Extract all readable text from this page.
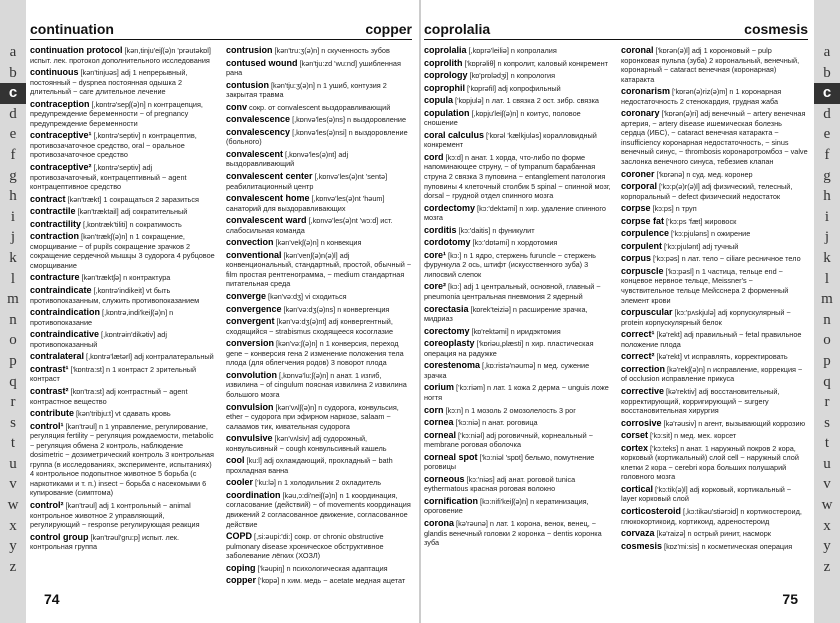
a
b
c
d
e
f
g
h
i
j
k
l
m
n
o
p
q
r
s
t
u
v
w
x
y
z
continuation	copper

continuation protocol [kən,tinju'eiʃ(ə)n 'prəutəkɒl] испыт. лек. протокол дополнительного исследования

continuous [kən'tinjuəs] adj 1 непрерывный, постоянный ~ dyspnea постоянная одышка 2 длительный ~ care длительное лечение

contraception [,kɒntrə'sepʃ(ə)n] n контрацепция, предупреждение беременности ~ of pregnancy предупреждение беременности

contraceptive¹ [,kɒntrə'septiv] n контрацептив, противозачаточное средство, oral ~ оральное противозачаточное средство

contraceptive² [,kɒntrə'septiv] adj противозачаточный, контрацептивный ~ agent контрацептивное средство

contract [kən'trækt] 1 сокращаться 2 заразиться

contractile [kən'træktail] adj сократительный

contractility [,kɒntræk'tiliti] n сократимость

contraction [kən'trækʃ(ə)n] n 1 сокращение, сморщивание ~ of pupils сокращение зрачков 2 сокращение сердечной мышцы 3 судорога 4 рубцовое сморщивание

contracture [kən'træktʃə] n контрактура

contraindicate [,kɒntrə'indikeit] vt быть противопоказанным, служить противопоказанием

contraindication [,kɒntrə,indi'keiʃ(ə)n] n противопоказание

contraindicative [,kɒntrəin'dikətiv] adj противопоказанный

contralateral [,kɒntrə'lætərl] adj контралатеральный

contrast¹ ['kɒntra:st] n 1 контраст 2 зрительный контраст

contrast² [kɒn'tra:st] adj контрастный ~ agent контрастное вещество

contribute [kən'tribju:t] vt сдавать кровь

control¹ [kən'trəul] n 1 управление, регулирование, регуляция fertility ~ регуляция рождаемости, metabolic ~ регуляция обмена 2 контроль, наблюдение dosimetric ~ дозиметрический контроль 3 контрольная группа (в исследованиях, эксперименте, испытаниях) 4 контрольное подопытное животное 5 борьба (с наркотиками и т. п.) insect ~ борьба с насекомыми 6 купирование (симптома)

control² [kən'trəul] adj 1 контрольный ~ animal контрольное животное 2 управляющий, регулирующий ~ response регулирующая реакция

control group [kən'trəul'gru:p] испыт. лек. контрольная группа

contrusion [kən'tru:ʒ(ə)n] n скученность зубов

contused wound [kən'tju:zd 'wu:nd] ушибленная рана

contusion [kən'tju:ʒ(ə)n] n 1 ушиб, контузия 2 закрытая травма

conv сокр. от convalescent выздоравливающий

convalescence [,kɒnvə'les(ə)ns] n выздоровление

convalescency [,kɒnvə'les(ə)nsi] n выздоровление (больного)

convalescent [,kɒnvə'les(ə)nt] adj выздоравливающий

convalescent center [,kɒnvə'les(ə)nt 'sentə] реабилитационный центр

convalescent home [,kɒnvə'les(ə)nt 'həum] санаторий для выздоравливающих

convalescent ward [,kɒnvə'les(ə)nt 'wɔ:d] ист. слабосильная команда

convection [kən'vekʃ(ə)n] n конвекция

conventional [kən'venʃ(ə)n(ə)l] adj конвенциональный, стандартный, простой, обычный ~ film простая рентгенограмма, ~ medium стандартная питательная среда

converge [kən'və:dʒ] vi сходиться

convergence [kən'və:dʒ(ə)ns] n конвергенция

convergent [kən'və:dʒ(ə)nt] adj конвергентный, сходящийся ~ strabismus сходящееся косоглазие

conversion [kən'və:ʃ(ə)n] n 1 конверсия, переход gene ~ конверсия гена 2 изменение положения тела плода (для облегчения родов) 3 поворот плода

convolution [,kɒnvə'lu:ʃ(ə)n] n анат. 1 изгиб, извилина ~ of cingulum поясная извилина 2 извилина большого мозга

convulsion [kən'vʌlʃ(ə)n] n судорога, конвульсия, ether ~ судорога при эфирном наркозе, salaam ~ салаамов тик, кивательная судорога

convulsive [kən'vʌlsiv] adj судорожный, конвульсивный ~ cough конвульсивный кашель

cool [ku:l] adj охлаждающий, прохладный ~ bath прохладная ванна

cooler ['ku:lə] n 1 холодильник 2 охладитель

coordination [kəu,ɔ:di'neiʃ(ə)n] n 1 координация, согласование (действий) ~ of movements координация движений 2 согласованное движение, согласованное действие

COPD [,si:əupi:'di:] сокр. от chronic obstructive pulmonary disease хроническое обструктивное заболевание лёгких (ХОЗЛ)

coping ['kəupiŋ] n психологическая адаптация

copper ['kɒpə] n хим. медь ~ acetate медная ацетат

74
coprolalia	cosmesis

coprolalia [,kɒprə'leiliə] n копролалия

coprolith ['kɒprəliθ] n копролит, каловый конкремент

coprology [kɒ'prɒlədʒi] n копрология

coprophil ['kɒprəfil] adj копрофильный

copula ['kɒpjulə] n лат. 1 связка 2 ост. зибр. связка

copulation [,kɒpju'leiʃ(ə)n] n коитус, половое сношение

coral calculus ['kɒrəl 'kælkjuləs] коралловидный конкремент

cord [kɔ:d] n анат. 1 хорда, что-либо по форме напоминающее струну, ~ of tympanum барабанная струна 2 связка 3 пуповина ~ entanglement патология пуповины 4 клеточный столбик 5 spinal ~ спинной мозг, dorsal ~ грудной отдел спинного мозга

cordectomy [kɔ:'dektəmi] n хир. удаление спинного мозга

corditis [kɔ:'daitis] n фуникулит

cordotomy [kɔ:'dɒtəmi] n хордотомия

core¹ [kɔ:] n 1 ядро, стержень furuncle ~ стержень фурункула 2 ось, штифт (искусственного зуба) 3 липосвий слепок

core² [kɔ:] adj 1 центральный, основной, главный ~ pneumonia центральная пневмония 2 ядерный

corectasia [kɒrek'teiziə] n расширение зрачка, мидриаз

corectomy [kɒ'rektəmi] n иридэктомия

coreoplasty ['kɒriəu,plæsti] n хир. пластическая операция на радужке

corestenoma [,kɒ:ristə'nəumə] n мед. сужение зрачка

corium ['kɔ:riəm] n лат. 1 кожа 2 дерма ~ unguis ложе ногтя

corn [kɔ:n] n 1 мозоль 2 омозолелость 3 рог

cornea ['kɔ:niə] n анат. роговица

corneal ['kɔ:niəl] adj роговичный, корнеальный ~ membrane роговая оболочка

corneal spot ['kɔ:niəl 'spɒt] бельмо, помутнение роговицы

corneous [kɔ:'niəs] adj анат. роговой tunica eythermatous красная роговая волокно

cornification [kɔ:nifi'keiʃ(ə)n] n кератинизация, ороговение

corona [kə'rəunə] n лат. 1 корона, венок, венец, ~ glandis венечный головки 2 коронка ~ dentis коронка зуба

coronal ['kɒrən(ə)l] adj 1 коронковый ~ pulp коронковая пульпа (зуба) 2 корональный, венечный, коронарный ~ cataract венечная (коронарная) катаракта

coronarism ['kɒrən(ə)riz(ə)m] n 1 коронарная недостаточность 2 стенокардия, грудная жаба

coronary ['kɒrən(ə)ri] adj венечный ~ artery венечная артерия, ~ artery disease ишемическая болезнь сердца (ИБС), ~ cataract венечная катаракта ~ insufficiency коронарная недостаточность, ~ sinus венечный синус, ~ thrombosis коронаротромбоз ~ valve заслонка венечного синуса, тебезиев клапан

coroner ['kɒrənə] n суд. мед. коронер

corporal ['kɔ:p(ə)r(ə)l] adj физический, телесный, корпоральный ~ defect физический недостаток

corpse [kɔ:ps] n труп

corpse fat ['kɔ:ps 'fæt] жировоск

corpulence ['kɔ:pjuləns] n ожирение

corpulent ['kɔ:pjulənt] adj тучный

corpus ['kɔ:pəs] n лат. тело ~ ciliare ресничное тело

corpuscle ['kɔ:pəsl] n 1 частица, тельце end ~ концевое нервное тельце, Meissner's ~ чувствительное тельце Мейсснера 2 форменный элемент крови

corpuscular [kɔ:'pʌskjulə] adj корпускулярный ~ protein корпускулярный белок

correct¹ [kə'rekt] adj правильный ~ fetal правильное положение плода

correct² [kə'rekt] vt исправлять, корректировать

correction [kə'rekʃ(ə)n] n исправление, коррекция ~ of occlusion исправление прикуса

corrective [kə'rektiv] adj восстановительный, корректирующий, корригирующий ~ surgery восстановительная хирургия

corrosive [kə'rəusiv] n агент, вызывающий коррозию

corset ['kɔ:sit] n мед. мех. корсет

cortex ['kɔ:teks] n анат. 1 наружный покров 2 кора, корковый (кортикальный) слой cell ~ наружный слой клетки 2 кора ~ cerebri кора больших полушарий головного мозга

cortical ['kɔ:tik(ə)l] adj корковый, кортикальный ~ layer корковый слой

corticosteroid [,kɔ:tikəu'stiərɔid] n кортикостероид, глюкокортикоид, кортикоид, адреностероид

corvaza [kə'raizə] n острый ринит, насморк

cosmesis [kɒz'mi:sis] n косметическая операция

a
b
c
d
e
f
g
h
i
j
k
l
m
n
o
p
q
r
s
t
u
v
w
x
y
z
75
